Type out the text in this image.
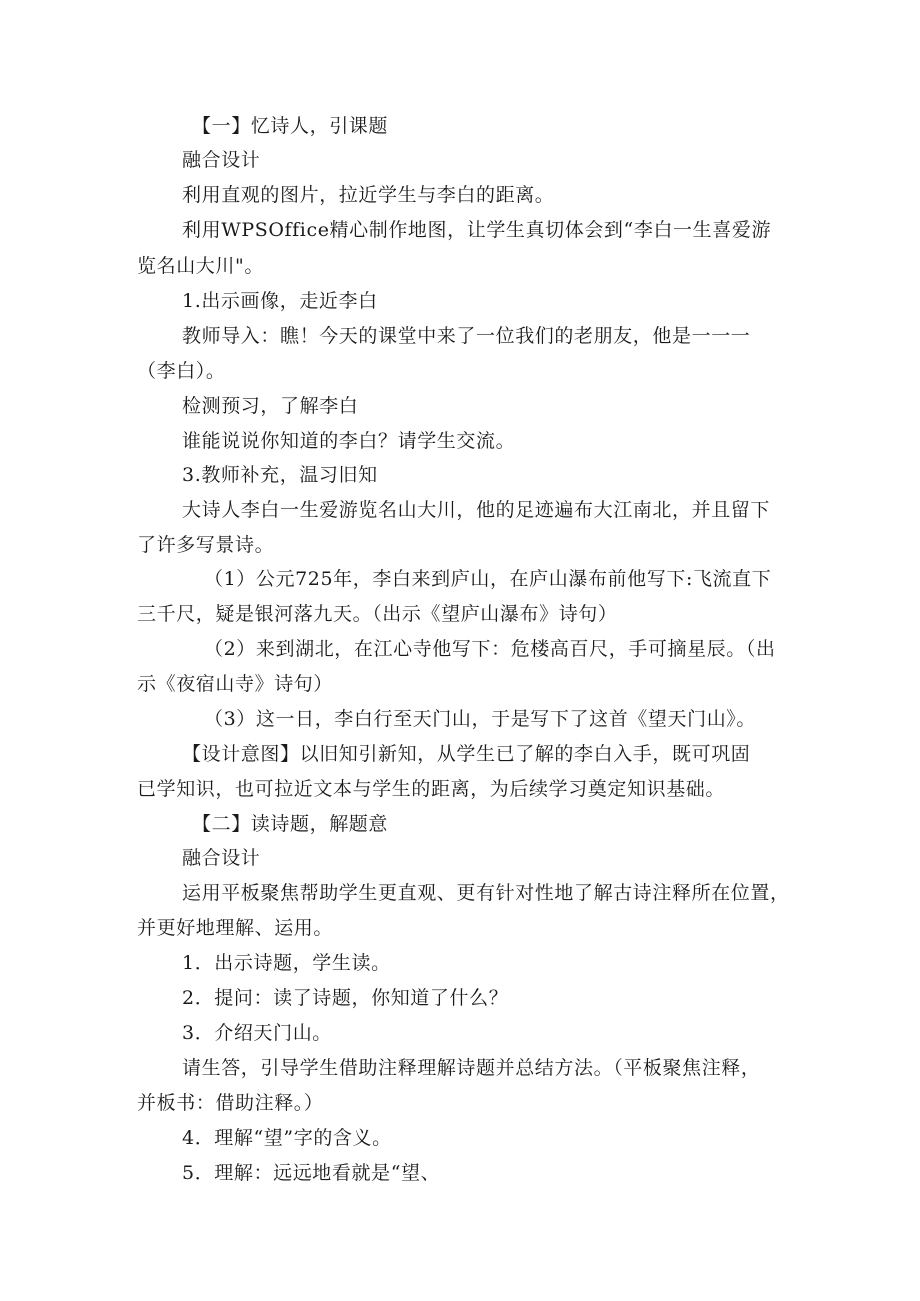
【一】忆诗人，引课题
融合设计
利用直观的图片，拉近学生与李白的距离。
利用WPSOffice精心制作地图，让学生真切体会到“李白一生喜爱游
览名山大川"。
1.出示画像，走近李白
教师导入：瞧！今天的课堂中来了一位我们的老朋友，他是一一一
（李白）。
检测预习，了解李白
谁能说说你知道的李白？请学生交流。
3.教师补充，温习旧知
大诗人李白一生爱游览名山大川，他的足迹遍布大江南北，并且留下
了许多写景诗。
（1）公元725年，李白来到庐山，在庐山瀑布前他写下:飞流直下
三千尺，疑是银河落九天。（出示《望庐山瀑布》诗句）
（2）来到湖北，在江心寺他写下：危楼高百尺，手可摘星辰。（出
示《夜宿山寺》诗句）
（3）这一日，李白行至天门山，于是写下了这首《望天门山》。
【设计意图】以旧知引新知，从学生已了解的李白入手，既可巩固
已学知识，也可拉近文本与学生的距离，为后续学习奠定知识基础。
【二】读诗题，解题意
融合设计
运用平板聚焦帮助学生更直观、更有针对性地了解古诗注释所在位置，
并更好地理解、运用。
1．出示诗题，学生读。
2．提问：读了诗题，你知道了什么？
3．介绍天门山。
请生答，引导学生借助注释理解诗题并总结方法。（平板聚焦注释，
并板书：借助注释。）
4．理解“望”字的含义。
5．理解：远远地看就是“望、
